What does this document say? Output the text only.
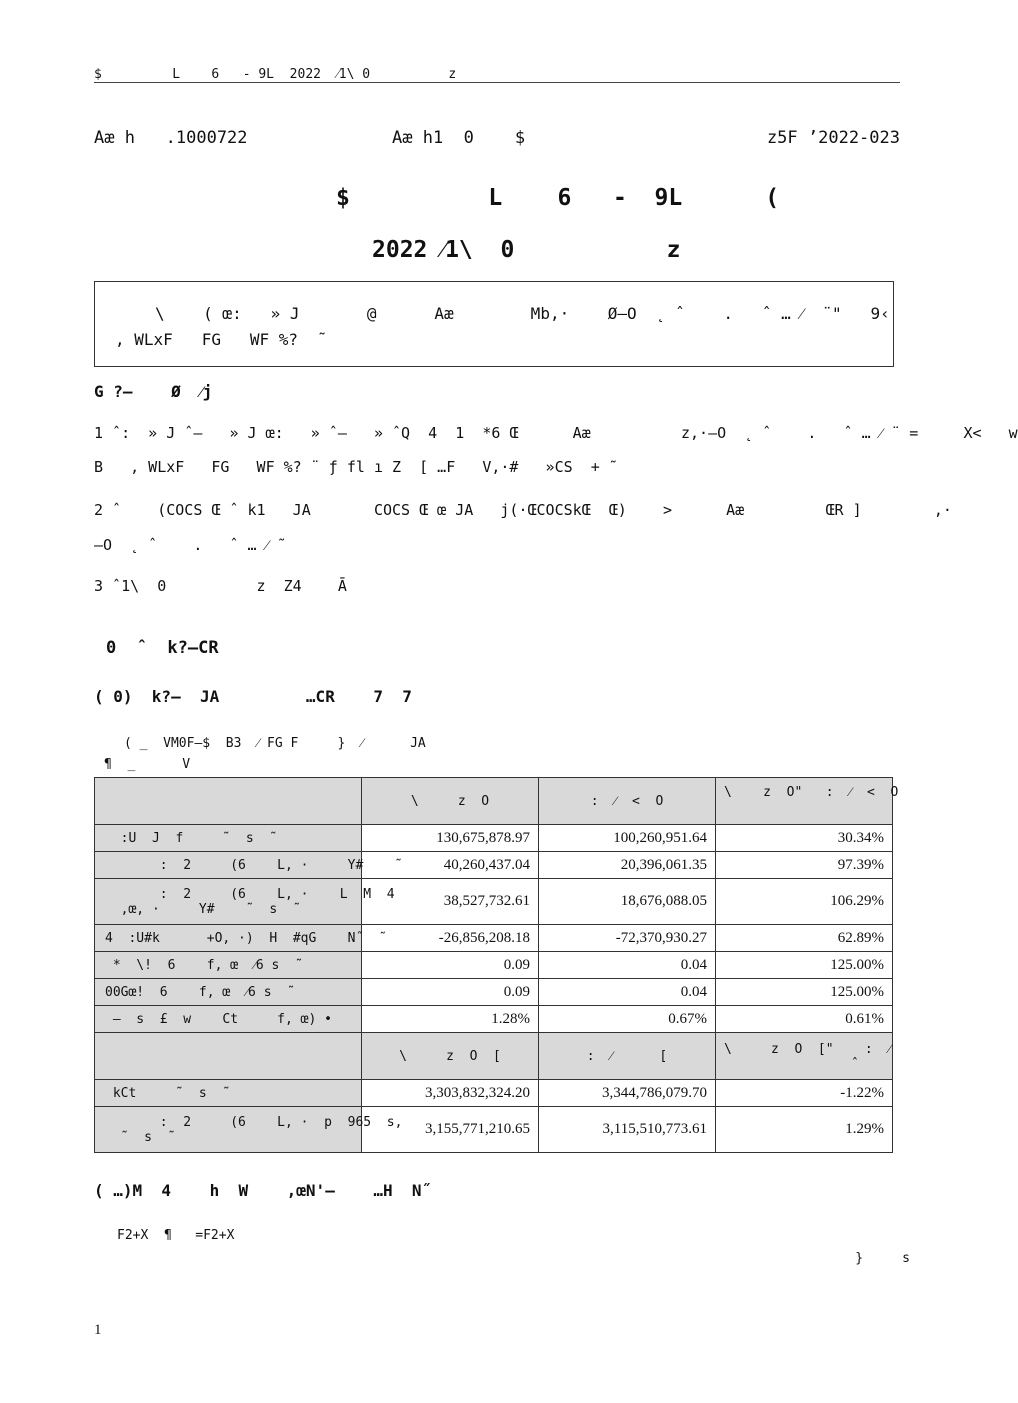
$         L    6   - 9L  2022  ⁄1\ 0          z
Aæ h   .1000722	Aæ h1  0    $	z5F ’2022-023
$          L    6   -  9L      (
2022 ⁄1\  0           z
\    ( œ:   » J       @      Aæ        Mb,·    Ø–O  ˛ ˆ    .   ˆ … ⁄  ¨"   9‹
, WLxF   FG   WF %?  ˜
G ?–    Ø  ⁄j
1 ˆ:  » J ˆ–   » J œ:   » ˆ–   » ˆQ  4  1  *6 Œ      Aæ          z,·–O  ˛ ˆ    .   ˆ … ⁄ ¨ =     X<   w
B   , WLxF   FG   WF %? ¨ ƒ fl ı Z  [ …F   V,·#   »CS  + ˜
2 ˆ    (COCS Œ ˆ k1   JA       COCS Œ œ JA   j(·ŒCOCSkŒ  Œ)    >      Aæ         ŒR ]        ,·
–O  ˛ ˆ    .   ˆ … ⁄ ˜
3 ˆ1\  0          z  Z4    Ā
0  ˆ  k?–CR
( 0)  k?–  JA         …CR    7  7
( _  VM0F–$  B3  ⁄ FG F     }  ⁄      JA
¶  _      V
	\     z  O	:  ⁄  <  O	\    z  O"   :  ⁄  <  O
:U  J  f     ˜  s  ˜	130,675,878.97	100,260,951.64	30.34%
:  2     (6    L, ·     Y#    ˜	40,260,437.04	20,396,061.35	97.39%
:  2     (6    L, ·    L  M  4
,œ, ·     Y#    ˜  s  ˜	38,527,732.61	18,676,088.05	106.29%
4  :U#k      +O, ·)  H  #qG    N˝  ˜	-26,856,208.18	-72,370,930.27	62.89%
*  \!  6    f, œ  ⁄6 s  ˜	0.09	0.04	125.00%
00Gœ!  6    f, œ  ⁄6 s  ˜	0.09	0.04	125.00%
–  s  £  w    Ct     f, œ) •	1.28%	0.67%	0.61%
	\     z  O  [	:  ⁄      [	\     z  O  ["    :  ⁄
ˆ
kCt     ˜  s  ˜	3,303,832,324.20	3,344,786,079.70	-1.22%
:  2     (6    L, ·  p  965  s,
˜  s  ˜	3,155,771,210.65	3,115,510,773.61	1.29%
( …)M  4    h  W    ,œN'–    …H  N˝
F2+X  ¶   =F2+X
}     s
1
